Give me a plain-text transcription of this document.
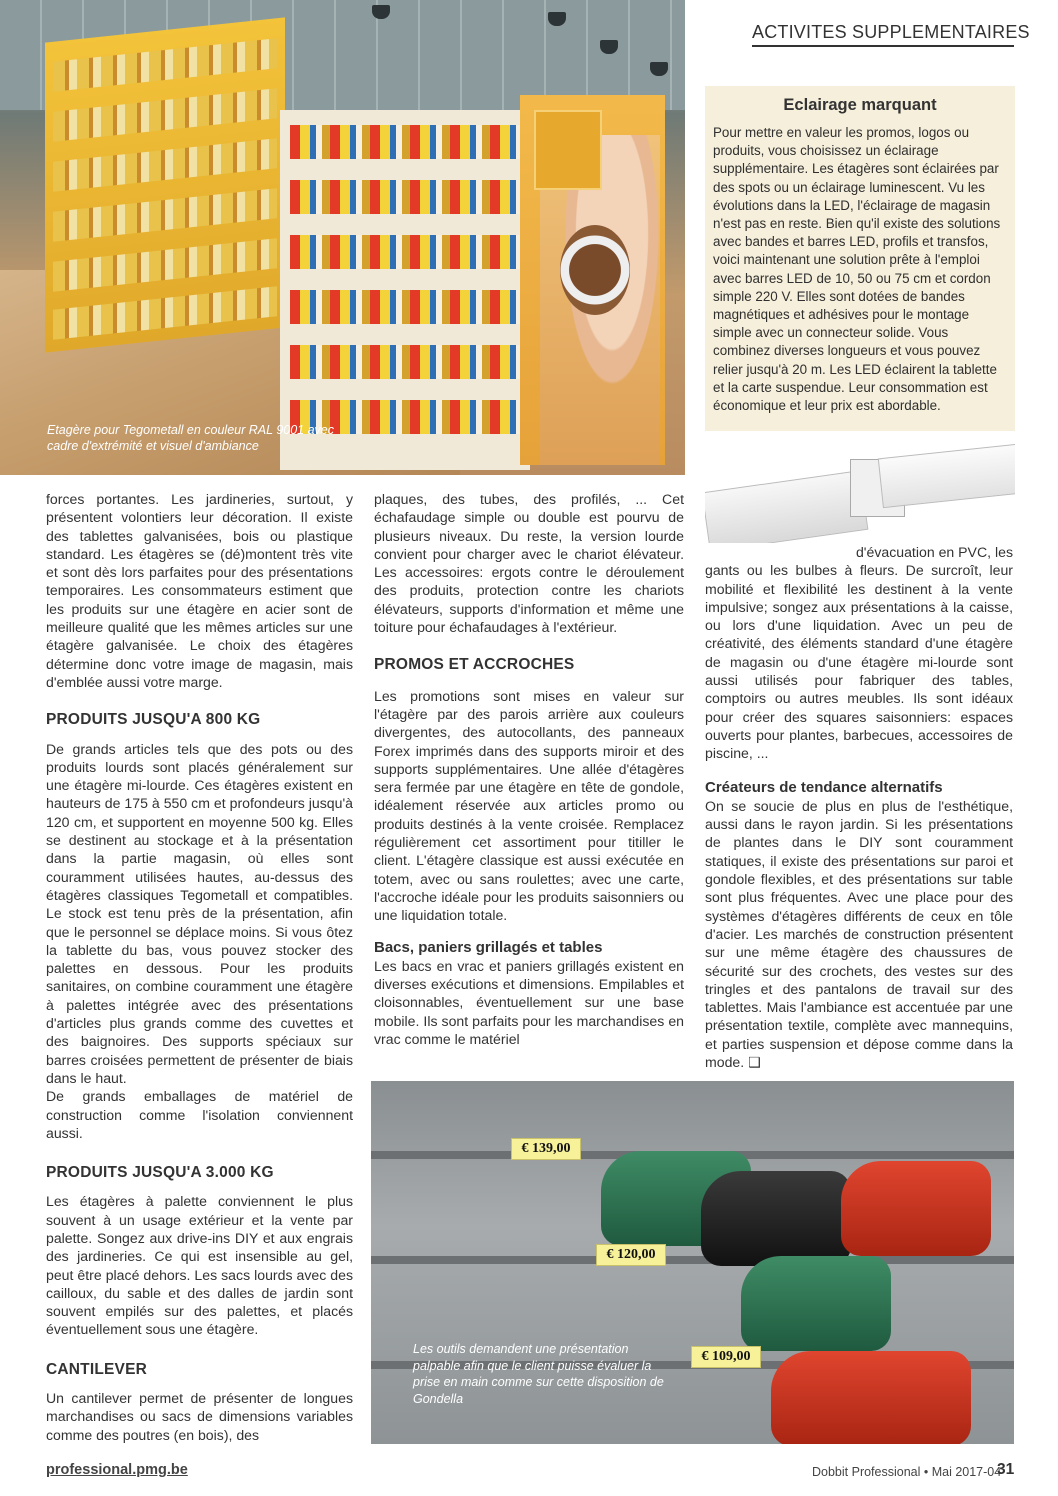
ACTIVITES SUPPLEMENTAIRES
Etagère pour Tegometall en couleur RAL 9001 avec cadre d'extrémité et visuel d'ambiance
Eclairage marquant
Pour mettre en valeur les promos, logos ou produits, vous choisissez un éclairage supplémentaire. Les étagères sont éclairées par des spots ou un éclairage luminescent. Vu les évolutions dans la LED, l'éclairage de magasin n'est pas en reste. Bien qu'il existe des solutions avec bandes et barres LED, profils et transfos, voici maintenant une solution prête à l'emploi avec barres LED de 10, 50 ou 75 cm et cordon simple 220 V. Elles sont dotées de bandes magnétiques et adhésives pour le montage simple avec un connecteur solide. Vous combinez diverses longueurs et vous pouvez relier jusqu'à 20 m. Les LED éclairent la tablette et la carte suspendue. Leur consommation est économique et leur prix est abordable.

forces portantes. Les jardineries, surtout, y présentent volontiers leur décoration. Il existe des tablettes galvanisées, bois ou plastique standard. Les étagères se (dé)montent très vite et sont dès lors parfaites pour des présentations temporaires. Les consommateurs estiment que les produits sur une étagère en acier sont de meilleure qualité que les mêmes articles sur une étagère galvanisée. Le choix des étagères détermine donc votre image de magasin, mais d'emblée aussi votre marge.

PRODUITS JUSQU'A 800 KG

De grands articles tels que des pots ou des produits lourds sont placés généralement sur une étagère mi-lourde. Ces étagères existent en hauteurs de 175 à 550 cm et profondeurs jusqu'à 120 cm, et supportent en moyenne 500 kg. Elles se destinent au stockage et à la présentation dans la partie magasin, où elles sont couramment utilisées hautes, au-dessus des étagères classiques Tegometall et compatibles. Le stock est tenu près de la présentation, afin que le personnel se déplace moins. Si vous ôtez la tablette du bas, vous pouvez stocker des palettes en dessous. Pour les produits sanitaires, on combine couramment une étagère à palettes intégrée avec des présentations d'articles plus grands comme des cuvettes et des baignoires. Des supports spéciaux sur barres croisées permettent de présenter de biais dans le haut.

De grands emballages de matériel de construction comme l'isolation conviennent aussi.

PRODUITS JUSQU'A 3.000 KG

Les étagères à palette conviennent le plus souvent à un usage extérieur et la vente par palette. Songez aux drive-ins DIY et aux engrais des jardineries. Ce qui est insensible au gel, peut être placé dehors. Les sacs lourds avec des cailloux, du sable et des dalles de jardin sont souvent empilés sur des palettes, et placés éventuellement sous une étagère.

CANTILEVER

Un cantilever permet de présenter de longues marchandises ou sacs de dimensions variables comme des poutres (en bois), des

plaques, des tubes, des profilés, ... Cet échafaudage simple ou double est pourvu de plusieurs niveaux. Du reste, la version lourde convient pour charger avec le chariot élévateur. Les accessoires: ergots contre le déroulement des produits, protection contre les chariots élévateurs, supports d'information et même une toiture pour échafaudages à l'extérieur.

PROMOS ET ACCROCHES

Les promotions sont mises en valeur sur l'étagère par des parois arrière aux couleurs divergentes, des autocollants, des panneaux Forex imprimés dans des supports miroir et des supports supplémentaires. Une allée d'étagères sera fermée par une étagère en tête de gondole, idéalement réservée aux articles promo ou produits destinés à la vente croisée. Remplacez régulièrement cet assortiment pour titiller le client. L'étagère classique est aussi exécutée en totem, avec ou sans roulettes; avec une carte, l'accroche idéale pour les produits saisonniers ou une liquidation totale.

Bacs, paniers grillagés et tables

Les bacs en vrac et paniers grillagés existent en diverses exécutions et dimensions. Empilables et cloisonnables, éventuellement sur une base mobile. Ils sont parfaits pour les marchandises en vrac comme le matériel

d'évacuation en PVC, les

gants ou les bulbes à fleurs. De surcroît, leur mobilité et flexibilité les destinent à la vente impulsive; songez aux présentations à la caisse, ou lors d'une liquidation. Avec un peu de créativité, des éléments standard d'une étagère de magasin ou d'une étagère mi-lourde sont aussi utilisés pour fabriquer des tables, comptoirs ou autres meubles. Ils sont idéaux pour créer des squares saisonniers: espaces ouverts pour plantes, barbecues, accessoires de piscine, ...

Créateurs de tendance alternatifs

On se soucie de plus en plus de l'esthétique, aussi dans le rayon jardin. Si les présentations de plantes dans le DIY sont couramment statiques, il existe des présentations sur paroi et gondole flexibles, et des présentations sur table sont plus fréquentes. Avec une place pour des systèmes d'étagères différents de ceux en tôle d'acier. Les marchés de construction présentent sur une même étagère des chaussures de sécurité sur des crochets, des vestes sur des tringles et des pantalons de travail sur des tablettes. Mais l'ambiance est accentuée par une présentation textile, complète avec mannequins, et parties suspension et dépose comme dans la mode. ❑

€ 139,00
€ 120,00
€ 109,00
Les outils demandent une présentation palpable afin que le client puisse évaluer la prise en main comme sur cette disposition de Gondella
professional.pmg.be	Dobbit Professional • Mai 2017-04
31
